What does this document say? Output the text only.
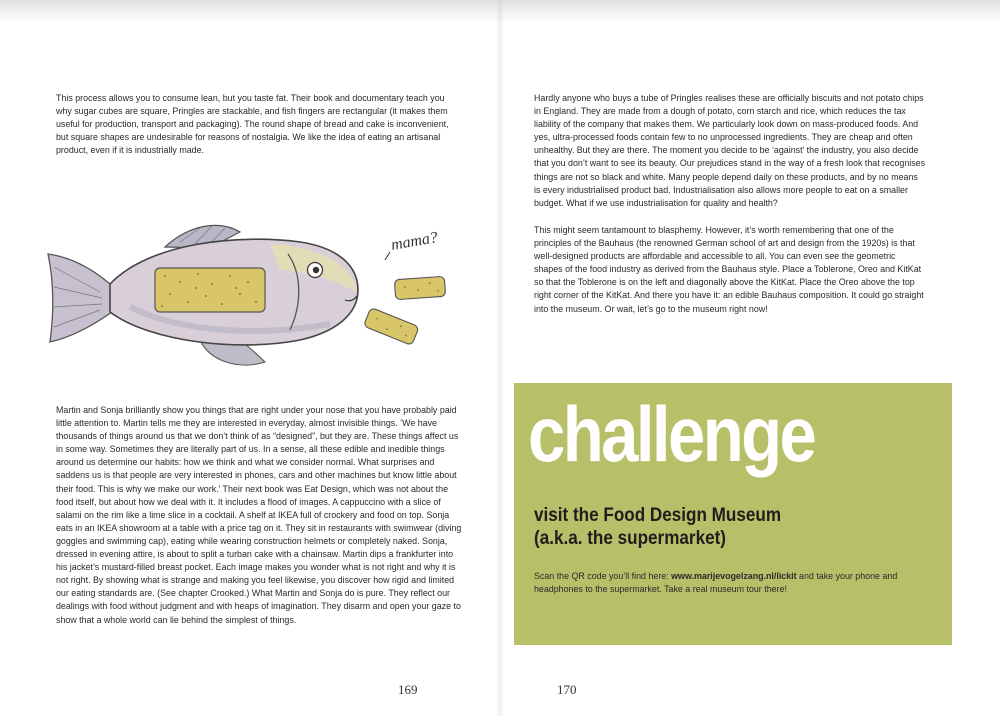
This process allows you to consume lean, but you taste fat. Their book and documentary teach you why sugar cubes are square, Pringles are stackable, and fish fingers are rectangular (it makes them useful for production, transport and packaging). The round shape of bread and cake is inconvenient, but square shapes are undesirable for reasons of nostalgia. We like the idea of eating an artisanal product, even if it is industrially made.

mama?

Martin and Sonja brilliantly show you things that are right under your nose that you have probably paid little attention to. Martin tells me they are interested in everyday, almost invisible things. ‘We have thousands of things around us that we don’t think of as “designed”, but they are. These things affect us in some way. Sometimes they are literally part of us. In a sense, all these edible and inedible things around us determine our habits: how we think and what we consider normal. What surprises and saddens us is that people are very interested in phones, cars and other machines but know little about their food. This is why we make our work.’ Their next book was Eat Design, which was not about the food itself, but about how we deal with it. It includes a flood of images. A cappuccino with a slice of salami on the rim like a lime slice in a cocktail. A shelf at IKEA full of crockery and food on top. Sonja eats in an IKEA showroom at a table with a price tag on it. They sit in restaurants with swimwear (diving goggles and swimming cap), eating while wearing construction helmets or completely naked. Sonja, dressed in evening attire, is about to split a turban cake with a chainsaw. Martin dips a frankfurter into his jacket’s mustard-filled breast pocket. Each image makes you wonder what is not right and why it is not right. By showing what is strange and making you feel likewise, you discover how rigid and limited our eating standards are. (See chapter Crooked.) What Martin and Sonja do is pure. They reflect our dealings with food without judgment and with heaps of imagination. They disarm and open your gaze to show that a whole world can lie behind the simplest of things.

169

Hardly anyone who buys a tube of Pringles realises these are officially biscuits and not potato chips in England. They are made from a dough of potato, corn starch and rice, which reduces the tax liability of the company that makes them. We particularly look down on mass-produced foods. And yes, ultra-processed foods contain few to no unprocessed ingredients. They are cheap and often unhealthy. But they are there. The moment you decide to be ‘against’ the industry, you also decide that you don’t want to see its beauty. Our prejudices stand in the way of a fresh look that recognises things are not so black and white. Many people depend daily on these products, and by no means is every industrialised product bad. Industrialisation also allows more people to eat on a smaller budget. What if we use industrialisation for quality and health?

This might seem tantamount to blasphemy. However, it’s worth remembering that one of the principles of the Bauhaus (the renowned German school of art and design from the 1920s) is that well-designed products are affordable and accessible to all. You can even see the geometric shapes of the food industry as derived from the Bauhaus style. Place a Toblerone, Oreo and KitKat so that the Toblerone is on the left and diagonally above the KitKat. Place the Oreo above the top right corner of the KitKat. And there you have it: an edible Bauhaus composition. It could go straight into the museum. Or wait, let’s go to the museum right now!

challenge
visit the Food Design Museum
(a.k.a. the supermarket)

Scan the QR code you’ll find here: www.marijevogelzang.nl/lickit and take your phone and headphones to the supermarket. Take a real museum tour there!

170
